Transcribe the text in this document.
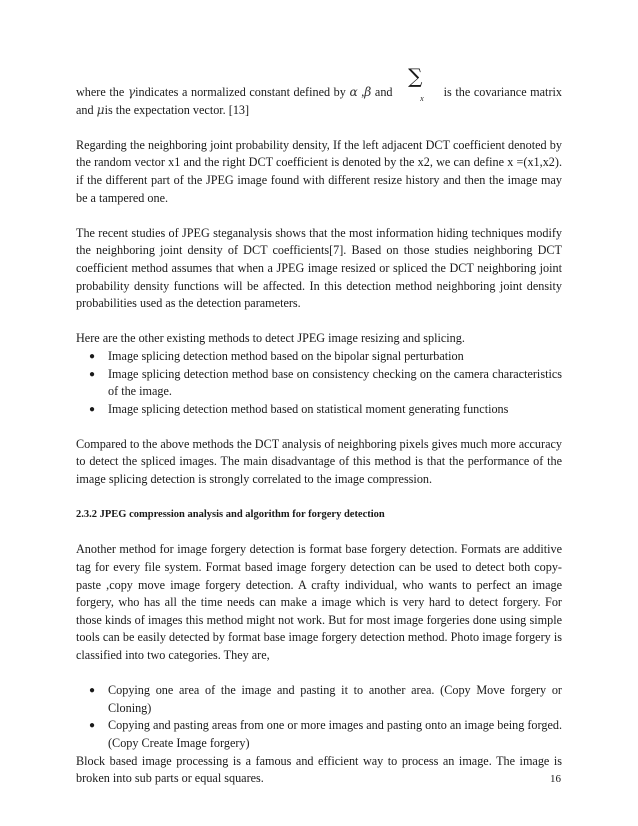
where the γindicates a normalized constant defined by α ,β and
∑
x is the covariance matrix and μis the expectation vector. [13]

Regarding the neighboring joint probability density, If the left adjacent DCT coefficient denoted by the random vector x1 and the right DCT coefficient is denoted by the x2, we can define x =(x1,x2). if the different part of the JPEG image found with different resize history and then the image may be a tampered one.

The recent studies of JPEG steganalysis shows that the most information hiding techniques modify the neighboring joint density of DCT coefficients[7]. Based on those studies neighboring DCT coefficient method assumes that when a JPEG image resized or spliced the DCT neighboring joint probability density functions will be affected. In this detection method neighboring joint density probabilities used as the detection parameters.

Here are the other existing methods to detect JPEG image resizing and splicing.

● Image splicing detection method based on the bipolar signal perturbation
● Image splicing detection method base on consistency checking on the camera characteristics of the image.
● Image splicing detection method based on statistical moment generating functions

Compared to the above methods the DCT analysis of neighboring pixels gives much more accuracy to detect the spliced images. The main disadvantage of this method is that the performance of the image splicing detection is strongly correlated to the image compression.

2.3.2 JPEG compression analysis and algorithm for forgery detection

Another method for image forgery detection is format base forgery detection. Formats are additive tag for every file system. Format based image forgery detection can be used to detect both copy-paste ,copy move image forgery detection. A crafty individual, who wants to perfect an image forgery, who has all the time needs can make a image which is very hard to detect forgery. For those kinds of images this method might not work. But for most image forgeries done using simple tools can be easily detected by format base image forgery detection method. Photo image forgery is classified into two categories. They are,

● Copying one area of the image and pasting it to another area. (Copy Move forgery or Cloning)
● Copying and pasting areas from one or more images and pasting onto an image being forged.(Copy Create Image forgery)

Block based image processing is a famous and efficient way to process an image. The image is broken into sub parts or equal squares.	16
